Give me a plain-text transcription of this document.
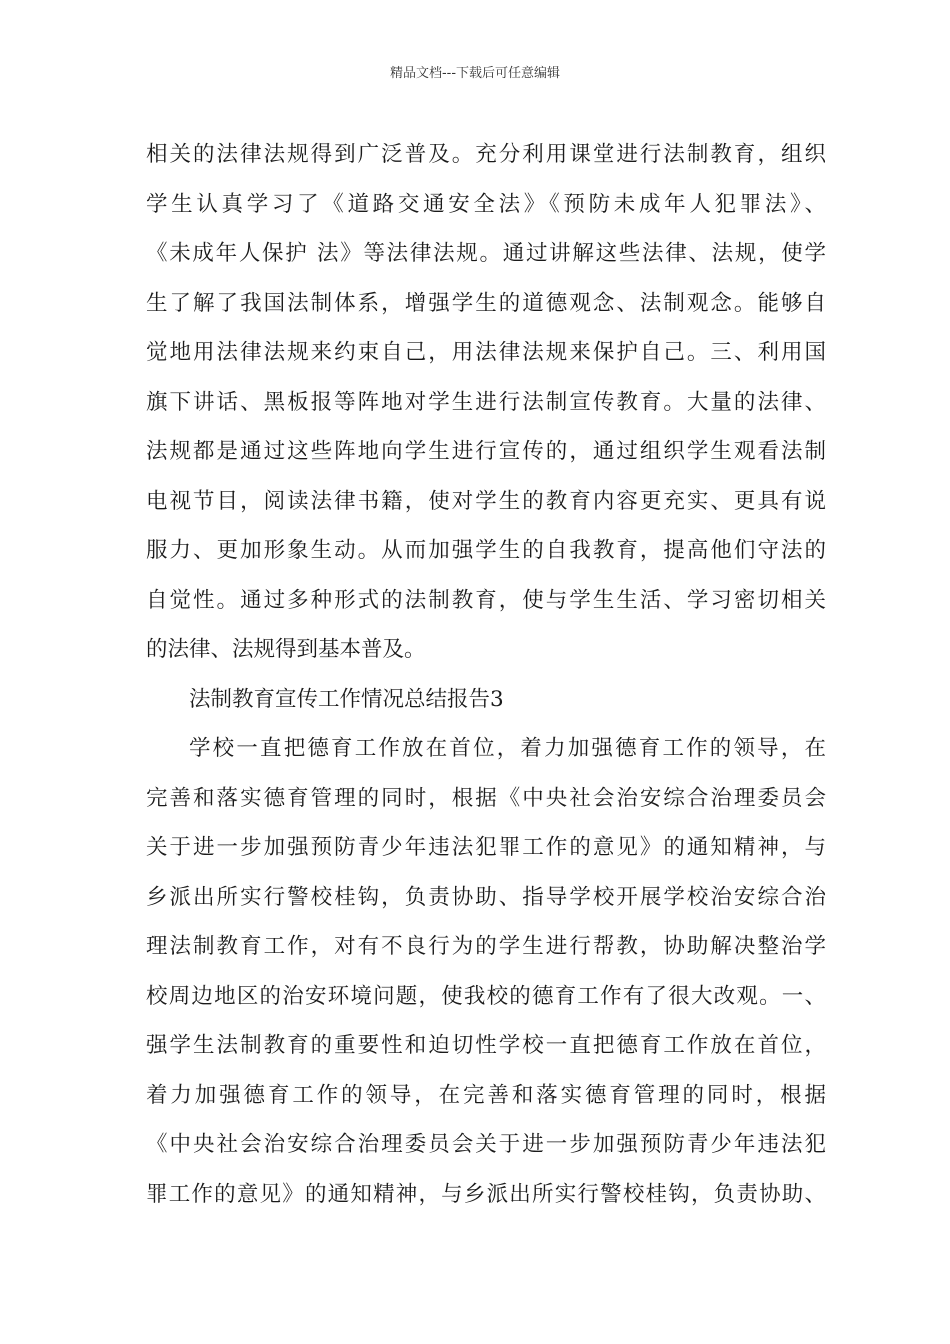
精品文档---下载后可任意编辑
相关的法律法规得到广泛普及。充分利用课堂进行法制教育，组织
学生认真学习了《道路交通安全法》《预防未成年人犯罪法》、
《未成年人保护 法》等法律法规。通过讲解这些法律、法规，使学
生了解了我国法制体系，增强学生的道德观念、法制观念。能够自
觉地用法律法规来约束自己，用法律法规来保护自己。三、利用国
旗下讲话、黑板报等阵地对学生进行法制宣传教育。大量的法律、
法规都是通过这些阵地向学生进行宣传的，通过组织学生观看法制
电视节目，阅读法律书籍，使对学生的教育内容更充实、更具有说
服力、更加形象生动。从而加强学生的自我教育，提高他们守法的
自觉性。通过多种形式的法制教育，使与学生生活、学习密切相关
的法律、法规得到基本普及。
法制教育宣传工作情况总结报告3
学校一直把德育工作放在首位，着力加强德育工作的领导，在
完善和落实德育管理的同时，根据《中央社会治安综合治理委员会
关于进一步加强预防青少年违法犯罪工作的意见》的通知精神，与
乡派出所实行警校桂钩，负责协助、指导学校开展学校治安综合治
理法制教育工作，对有不良行为的学生进行帮教，协助解决整治学
校周边地区的治安环境问题，使我校的德育工作有了很大改观。一、
强学生法制教育的重要性和迫切性学校一直把德育工作放在首位，
着力加强德育工作的领导，在完善和落实德育管理的同时，根据
《中央社会治安综合治理委员会关于进一步加强预防青少年违法犯
罪工作的意见》的通知精神，与乡派出所实行警校桂钩，负责协助、
